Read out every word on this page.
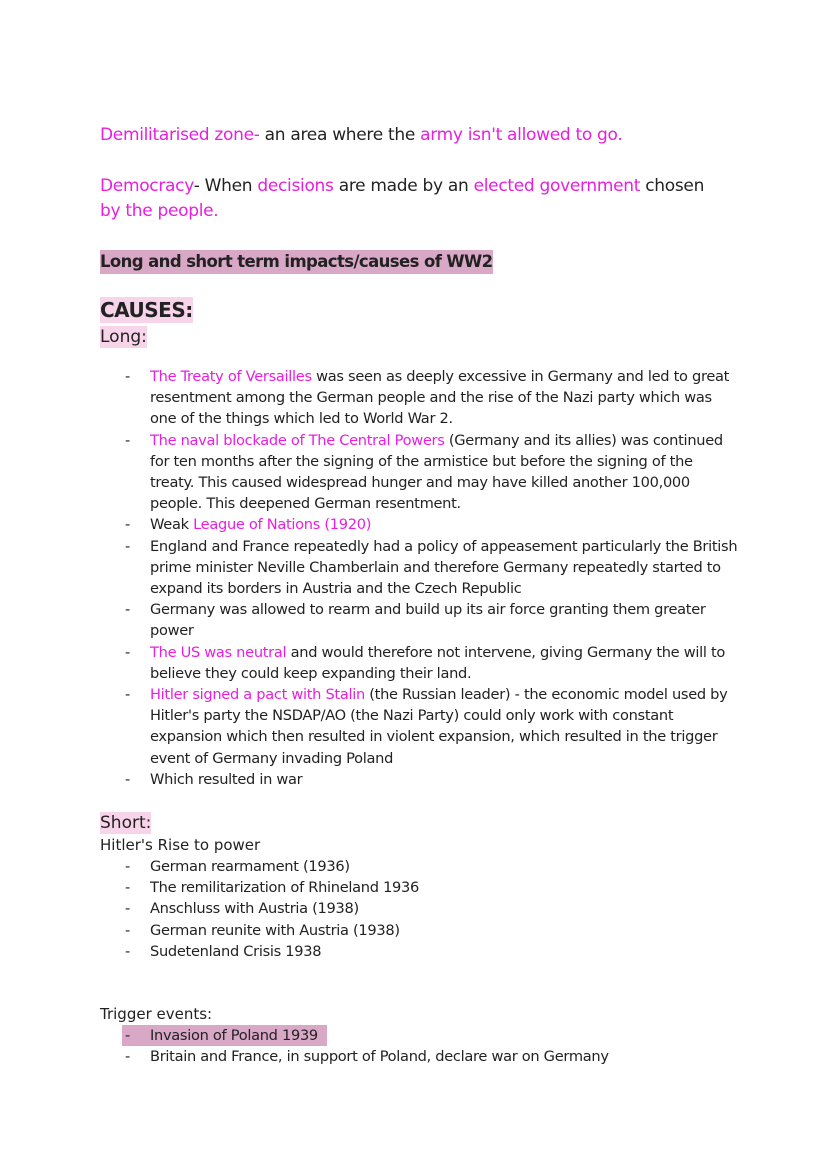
Demilitarised zone- an area where the army isn't allowed to go.
Democracy- When decisions are made by an elected government chosen by the people.
Long and short term impacts/causes of WW2
CAUSES:
Long:
- The Treaty of Versailles was seen as deeply excessive in Germany and led to great resentment among the German people and the rise of the Nazi party which was one of the things which led to World War 2.
- The naval blockade of The Central Powers (Germany and its allies) was continued for ten months after the signing of the armistice but before the signing of the treaty. This caused widespread hunger and may have killed another 100,000 people. This deepened German resentment.
- Weak League of Nations (1920)
- England and France repeatedly had a policy of appeasement particularly the British prime minister Neville Chamberlain and therefore Germany repeatedly started to expand its borders in Austria and the Czech Republic
- Germany was allowed to rearm and build up its air force granting them greater power
- The US was neutral and would therefore not intervene, giving Germany the will to believe they could keep expanding their land.
- Hitler signed a pact with Stalin (the Russian leader) - the economic model used by Hitler's party the NSDAP/AO (the Nazi Party) could only work with constant expansion which then resulted in violent expansion, which resulted in the trigger event of Germany invading Poland
- Which resulted in war
Short:
Hitler's Rise to power
- German rearmament (1936)
- The remilitarization of Rhineland 1936
- Anschluss with Austria (1938)
- German reunite with Austria (1938)
- Sudetenland Crisis 1938
Trigger events:
- Invasion of Poland 1939
- Britain and France, in support of Poland, declare war on Germany
